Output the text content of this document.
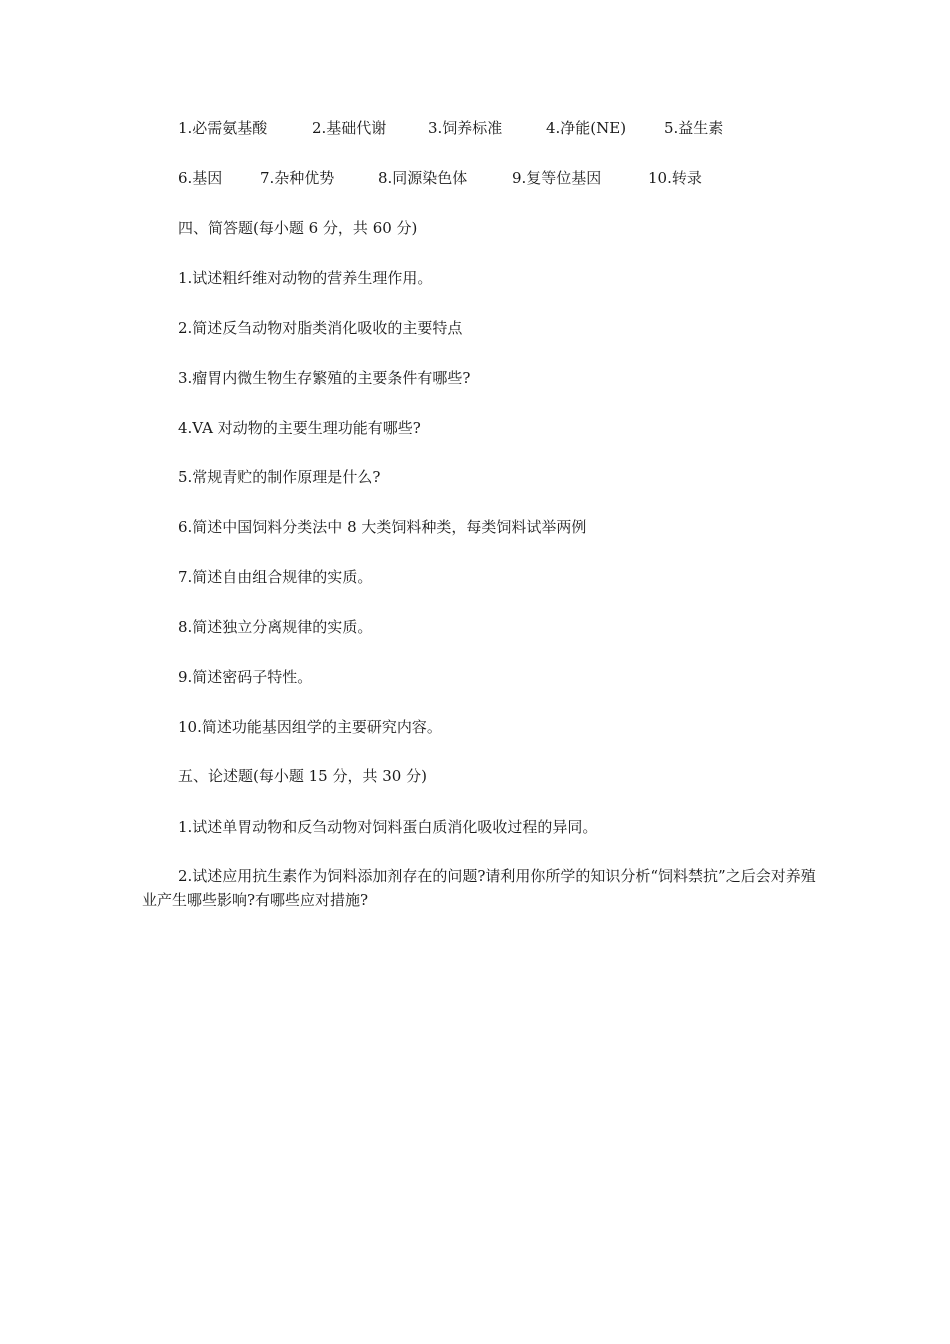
1.必需氨基酸	2.基础代谢	3.饲养标准	4.净能(NE)	5.益生素
6.基因	7.杂种优势	8.同源染色体	9.复等位基因	10.转录
四、简答题(每小题 6 分，共 60 分)
1.试述粗纤维对动物的营养生理作用。
2.简述反刍动物对脂类消化吸收的主要特点
3.瘤胃内微生物生存繁殖的主要条件有哪些?
4.VA 对动物的主要生理功能有哪些?
5.常规青贮的制作原理是什么?
6.简述中国饲料分类法中 8 大类饲料种类，每类饲料试举两例
7.简述自由组合规律的实质。
8.简述独立分离规律的实质。
9.简述密码子特性。
10.简述功能基因组学的主要研究内容。
五、论述题(每小题 15 分，共 30 分)
1.试述单胃动物和反刍动物对饲料蛋白质消化吸收过程的异同。
2.试述应用抗生素作为饲料添加剂存在的问题?请利用你所学的知识分析“饲料禁抗”之后会对养殖业产生哪些影响?有哪些应对措施?
